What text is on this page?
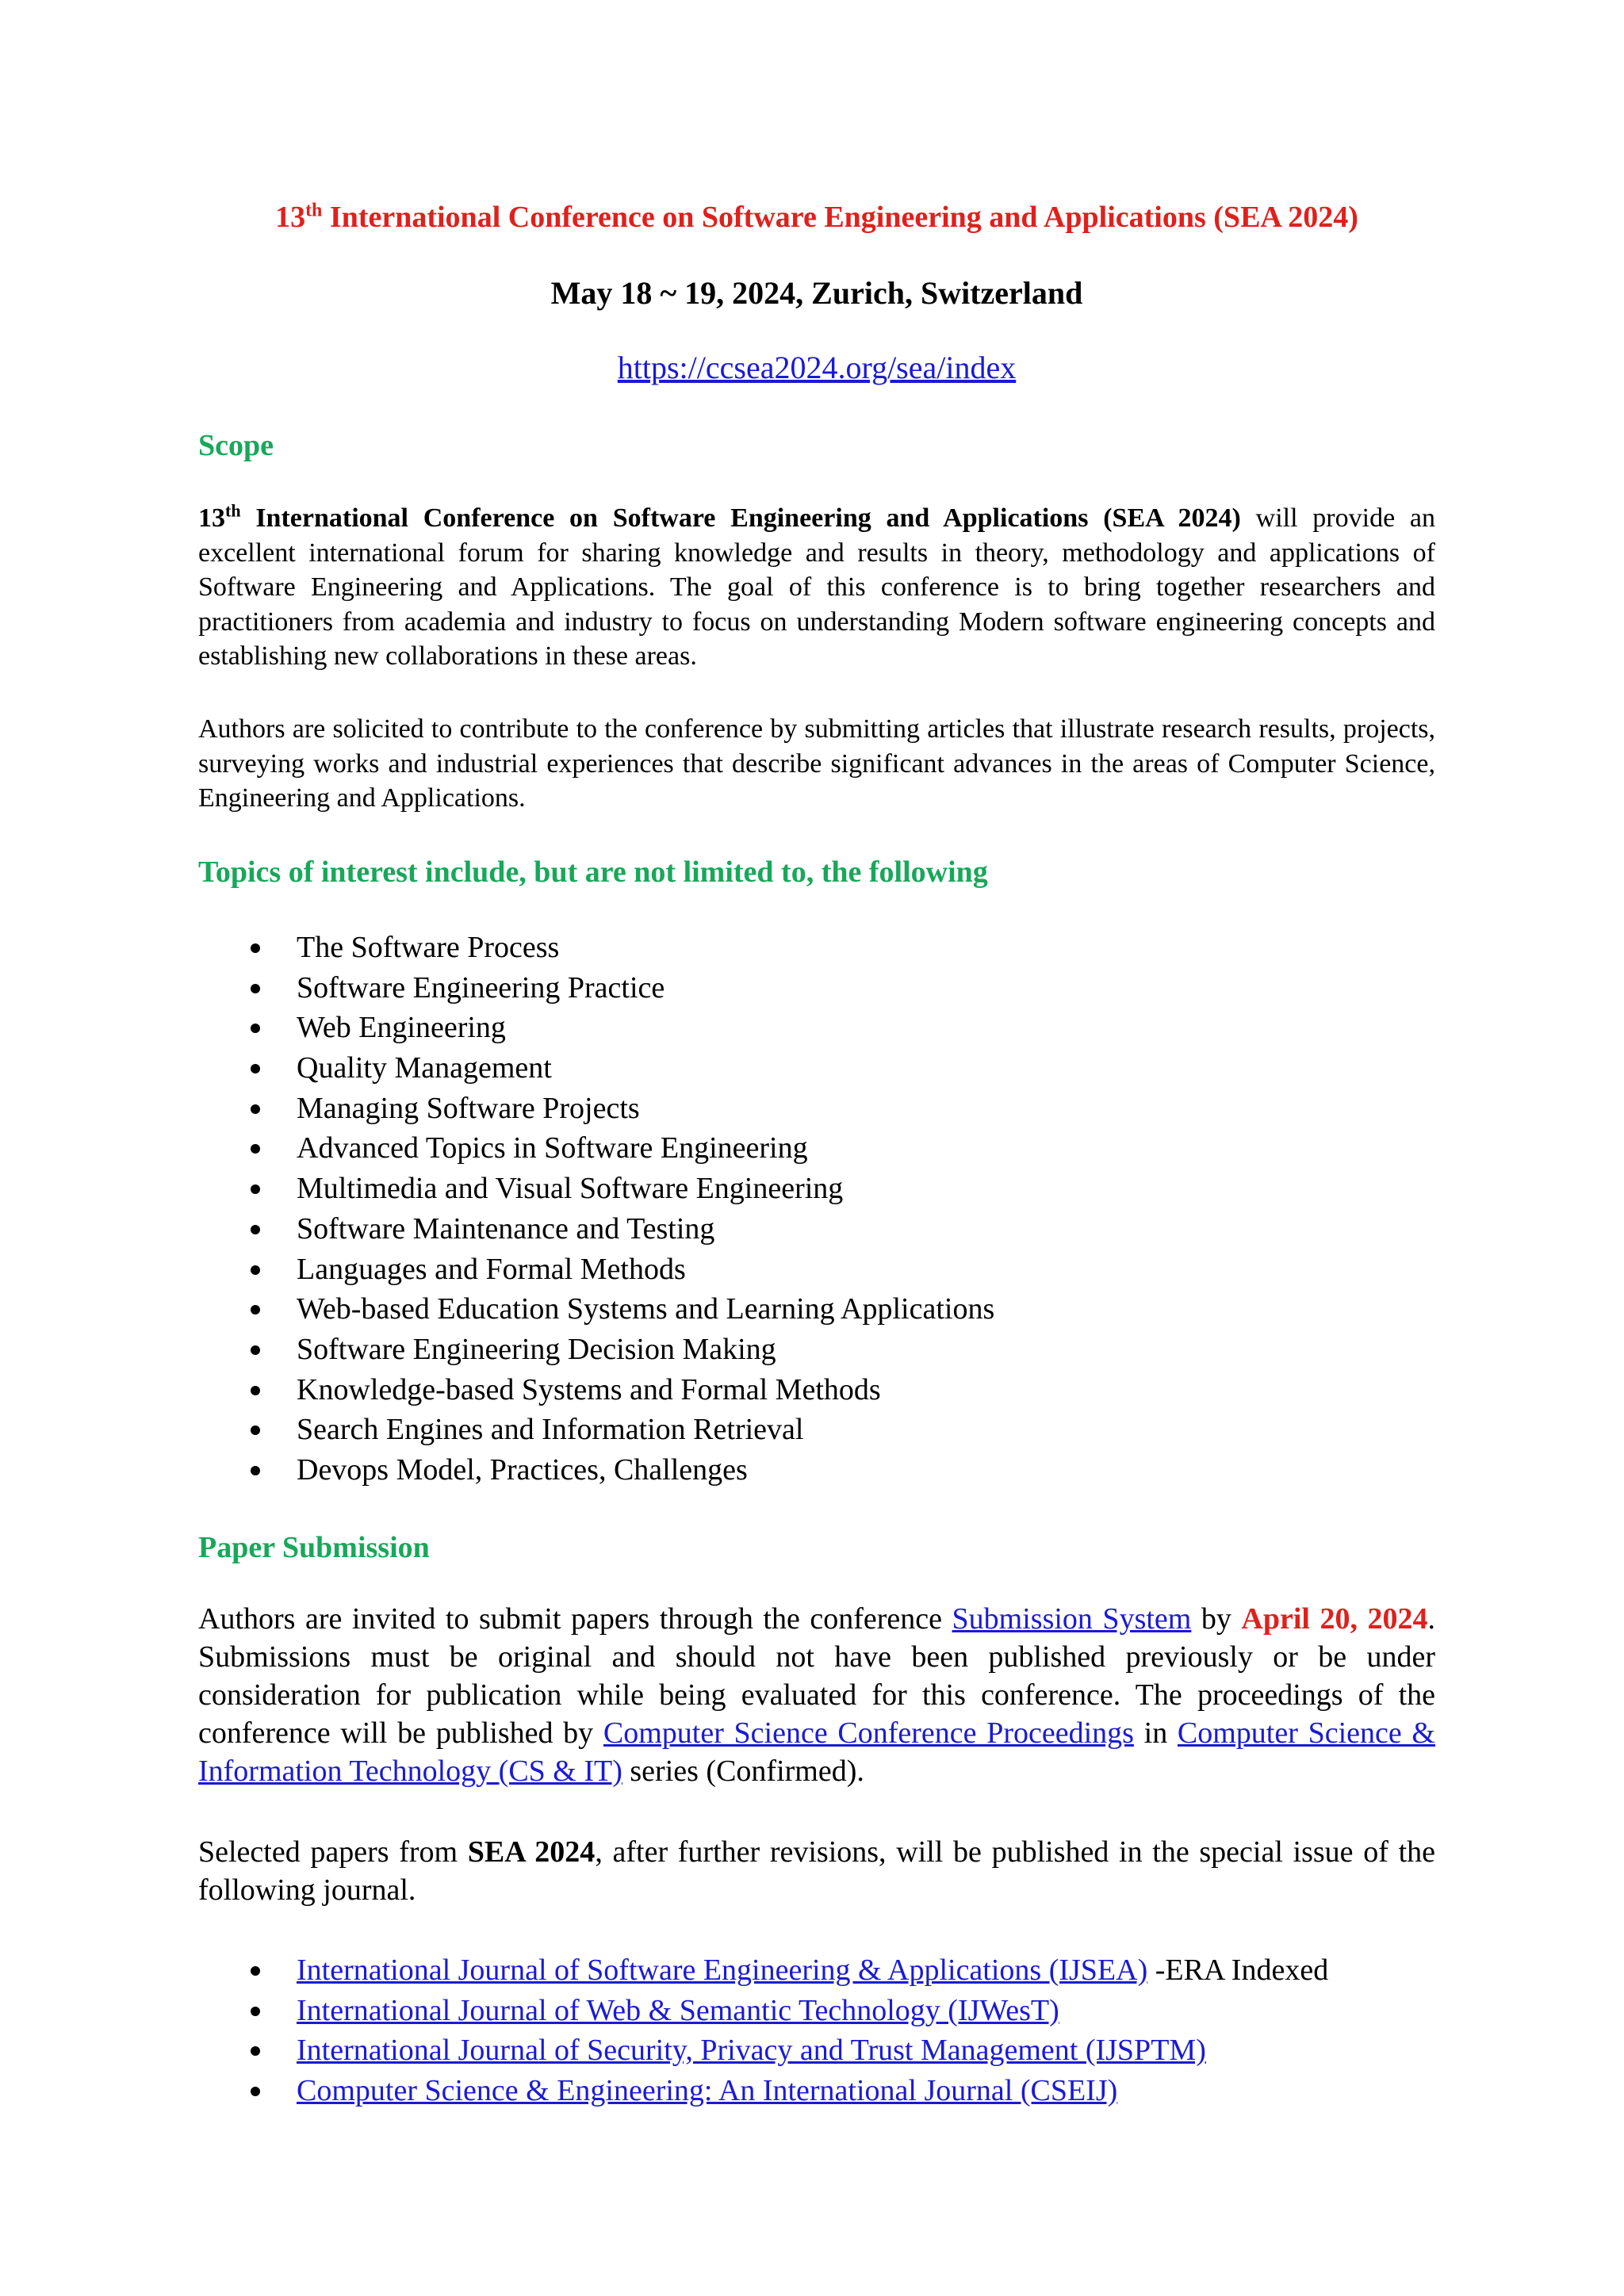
13th International Conference on Software Engineering and Applications (SEA 2024)
May 18 ~ 19, 2024, Zurich, Switzerland
https://ccsea2024.org/sea/index
Scope
13th International Conference on Software Engineering and Applications (SEA 2024) will provide an excellent international forum for sharing knowledge and results in theory, methodology and applications of Software Engineering and Applications. The goal of this conference is to bring together researchers and practitioners from academia and industry to focus on understanding Modern software engineering concepts and establishing new collaborations in these areas.
Authors are solicited to contribute to the conference by submitting articles that illustrate research results, projects, surveying works and industrial experiences that describe significant advances in the areas of Computer Science, Engineering and Applications.
Topics of interest include, but are not limited to, the following
The Software Process
Software Engineering Practice
Web Engineering
Quality Management
Managing Software Projects
Advanced Topics in Software Engineering
Multimedia and Visual Software Engineering
Software Maintenance and Testing
Languages and Formal Methods
Web-based Education Systems and Learning Applications
Software Engineering Decision Making
Knowledge-based Systems and Formal Methods
Search Engines and Information Retrieval
Devops Model, Practices, Challenges
Paper Submission
Authors are invited to submit papers through the conference Submission System by April 20, 2024. Submissions must be original and should not have been published previously or be under consideration for publication while being evaluated for this conference. The proceedings of the conference will be published by Computer Science Conference Proceedings in Computer Science & Information Technology (CS & IT) series (Confirmed).
Selected papers from SEA 2024, after further revisions, will be published in the special issue of the following journal.
International Journal of Software Engineering & Applications (IJSEA) -ERA Indexed
International Journal of Web & Semantic Technology (IJWesT)
International Journal of Security, Privacy and Trust Management (IJSPTM)
Computer Science & Engineering: An International Journal (CSEIJ)
